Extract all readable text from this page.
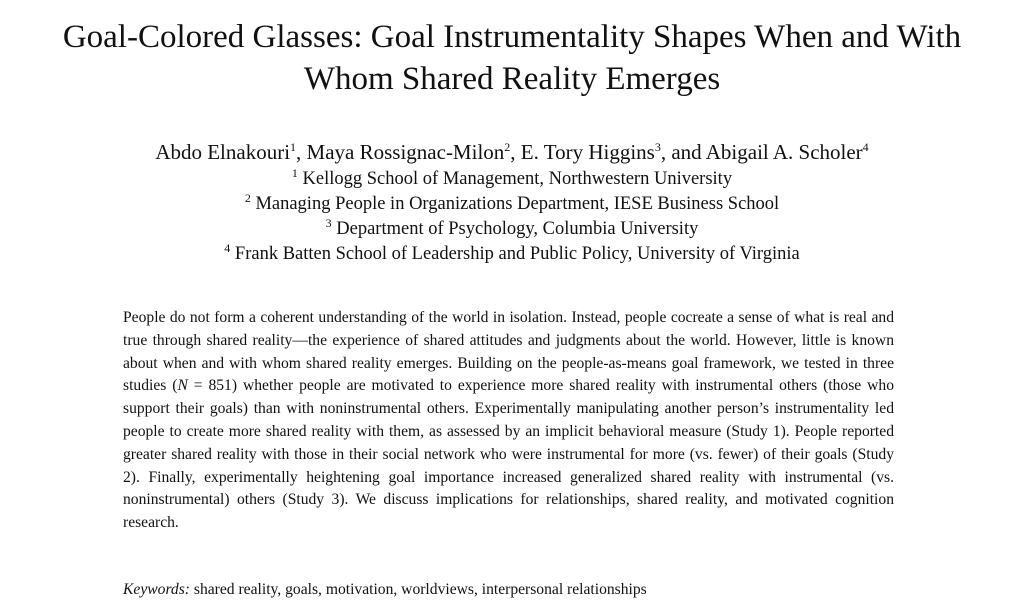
Goal-Colored Glasses: Goal Instrumentality Shapes When and With
Whom Shared Reality Emerges

Abdo Elnakouri$^1$, Maya Rossignac-Milon$^2$, E. Tory Higgins$^3$, and Abigail A. Scholer$^4$

$^1$ Kellogg School of Management, Northwestern University
$^2$ Managing People in Organizations Department, IESE Business School
$^3$ Department of Psychology, Columbia University
$^4$ Frank Batten School of Leadership and Public Policy, University of Virginia

People do not form a coherent understanding of the world in isolation. Instead, people cocreate a sense of what is real and true through shared reality—the experience of shared attitudes and judgments about the world. However, little is known about when and with whom shared reality emerges. Building on the people-as-means goal framework, we tested in three studies (N = 851) whether people are motivated to experience more shared reality with instrumental others (those who support their goals) than with noninstrumental others. Experimentally manipulating another person’s instrumentality led people to create more shared reality with them, as assessed by an implicit behavioral measure (Study 1). People reported greater shared reality with those in their social network who were instrumental for more (vs. fewer) of their goals (Study 2). Finally, experimentally heightening goal importance increased generalized shared reality with instrumental (vs. noninstrumental) others (Study 3). We discuss implications for relationships, shared reality, and motivated cognition research.

Keywords: shared reality, goals, motivation, worldviews, interpersonal relationships
